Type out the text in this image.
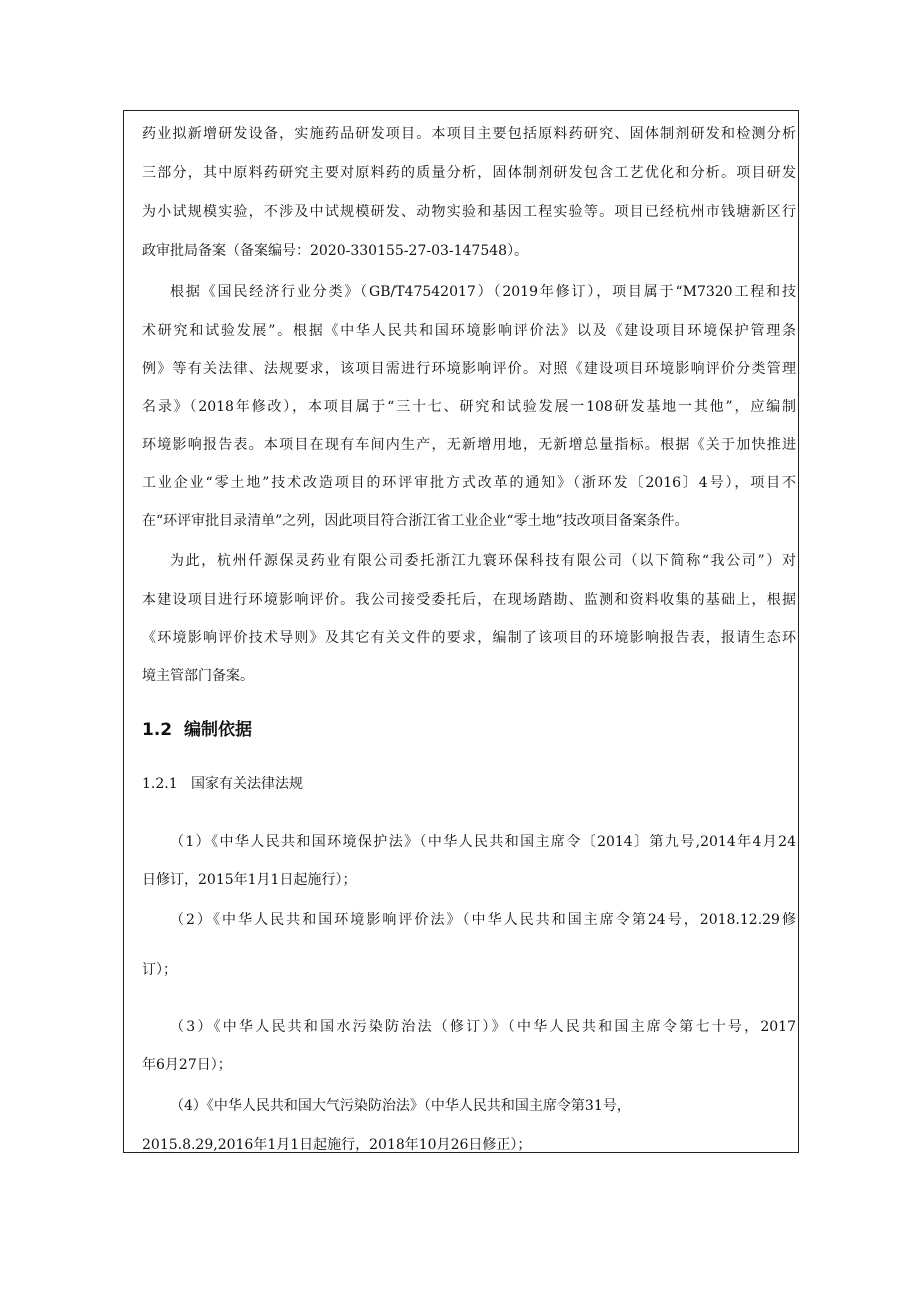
药业拟新增研发设备，实施药品研发项目。本项目主要包括原料药研究、固体制剂研发和检测分析
三部分，其中原料药研究主要对原料药的质量分析，固体制剂研发包含工艺优化和分析。项目研发
为小试规模实验，不涉及中试规模研发、动物实验和基因工程实验等。项目已经杭州市钱塘新区行
政审批局备案（备案编号：2020-330155-27-03-147548）。
根据《国民经济行业分类》（GB/T47542017）（2019年修订），项目属于“M7320工程和技
术研究和试验发展”。根据《中华人民共和国环境影响评价法》以及《建设项目环境保护管理条
例》等有关法律、法规要求，该项目需进行环境影响评价。对照《建设项目环境影响评价分类管理
名录》（2018年修改），本项目属于“三十七、研究和试验发展一108研发基地一其他”，应编制
环境影响报告表。本项目在现有车间内生产，无新增用地，无新增总量指标。根据《关于加快推进
工业企业“零土地”技术改造项目的环评审批方式改革的通知》（浙环发〔2016〕4号），项目不
在“环评审批目录清单”之列，因此项目符合浙江省工业企业“零土地”技改项目备案条件。
为此，杭州仟源保灵药业有限公司委托浙江九寰环保科技有限公司（以下简称“我公司”）对
本建设项目进行环境影响评价。我公司接受委托后，在现场踏勘、监测和资料收集的基础上，根据
《环境影响评价技术导则》及其它有关文件的要求，编制了该项目的环境影响报告表，报请生态环
境主管部门备案。
1.2 编制依据
1.2.1 国家有关法律法规
（1）《中华人民共和国环境保护法》（中华人民共和国主席令〔2014〕第九号,2014年4月24
日修订，2015年1月1日起施行）；
（2）《中华人民共和国环境影响评价法》（中华人民共和国主席令第24号，2018.12.29修
订）；
（3）《中华人民共和国水污染防治法（修订）》（中华人民共和国主席令第七十号，2017
年6月27日）；
（4）《中华人民共和国大气污染防治法》（中华人民共和国主席令第31号，
2015.8.29,2016年1月1日起施行，2018年10月26日修正）；
